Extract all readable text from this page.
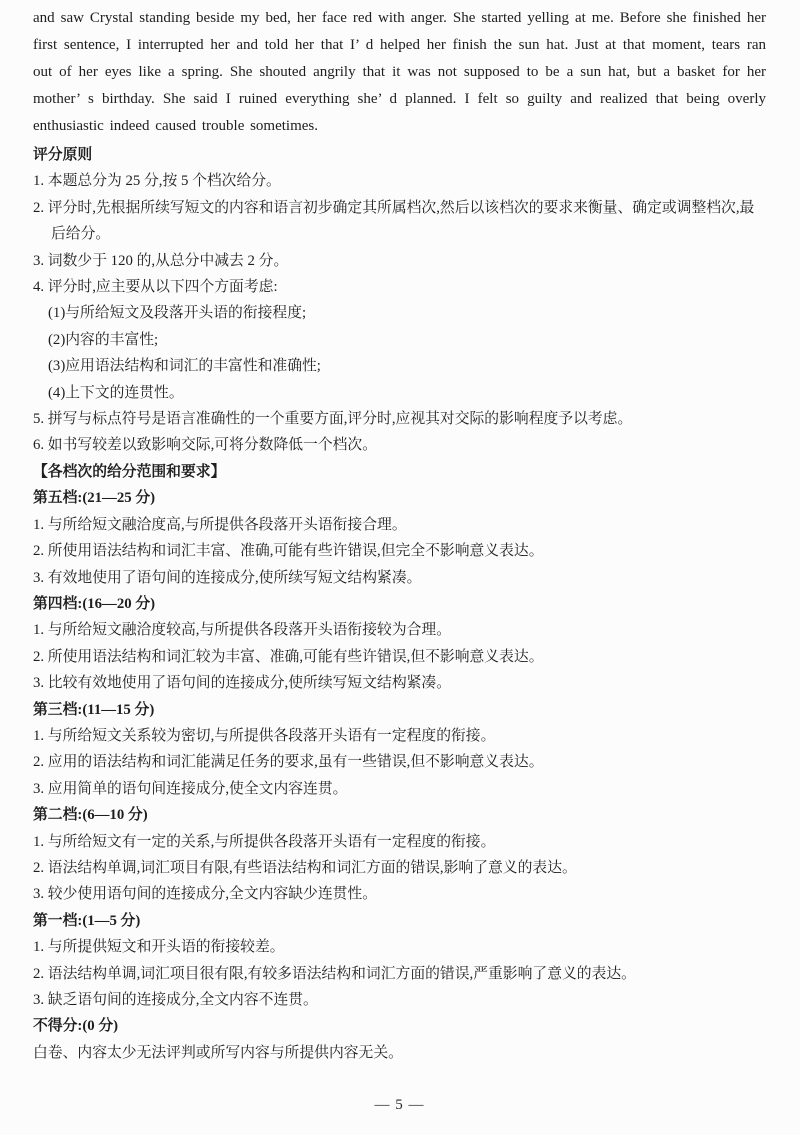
and saw Crystal standing beside my bed, her face red with anger. She started yelling at me. Before she finished her first sentence, I interrupted her and told her that I’ d helped her finish the sun hat. Just at that moment, tears ran out of her eyes like a spring. She shouted angrily that it was not supposed to be a sun hat, but a basket for her mother’ s birthday. She said I ruined everything she’ d planned. I felt so guilty and realized that being overly enthusiastic indeed caused trouble sometimes.

评分原则
1. 本题总分为 25 分,按 5 个档次给分。
2. 评分时,先根据所续写短文的内容和语言初步确定其所属档次,然后以该档次的要求来衡量、确定或调整档次,最后给分。
3. 词数少于 120 的,从总分中减去 2 分。
4. 评分时,应主要从以下四个方面考虑:
(1)与所给短文及段落开头语的衔接程度;
(2)内容的丰富性;
(3)应用语法结构和词汇的丰富性和准确性;
(4)上下文的连贯性。
5. 拼写与标点符号是语言准确性的一个重要方面,评分时,应视其对交际的影响程度予以考虑。
6. 如书写较差以致影响交际,可将分数降低一个档次。
【各档次的给分范围和要求】
第五档:(21—25 分)
1. 与所给短文融洽度高,与所提供各段落开头语衔接合理。
2. 所使用语法结构和词汇丰富、准确,可能有些许错误,但完全不影响意义表达。
3. 有效地使用了语句间的连接成分,使所续写短文结构紧凑。
第四档:(16—20 分)
1. 与所给短文融洽度较高,与所提供各段落开头语衔接较为合理。
2. 所使用语法结构和词汇较为丰富、准确,可能有些许错误,但不影响意义表达。
3. 比较有效地使用了语句间的连接成分,使所续写短文结构紧凑。
第三档:(11—15 分)
1. 与所给短文关系较为密切,与所提供各段落开头语有一定程度的衔接。
2. 应用的语法结构和词汇能满足任务的要求,虽有一些错误,但不影响意义表达。
3. 应用简单的语句间连接成分,使全文内容连贯。
第二档:(6—10 分)
1. 与所给短文有一定的关系,与所提供各段落开头语有一定程度的衔接。
2. 语法结构单调,词汇项目有限,有些语法结构和词汇方面的错误,影响了意义的表达。
3. 较少使用语句间的连接成分,全文内容缺少连贯性。
第一档:(1—5 分)
1. 与所提供短文和开头语的衔接较差。
2. 语法结构单调,词汇项目很有限,有较多语法结构和词汇方面的错误,严重影响了意义的表达。
3. 缺乏语句间的连接成分,全文内容不连贯。
不得分:(0 分)
白卷、内容太少无法评判或所写内容与所提供内容无关。
— 5 —
